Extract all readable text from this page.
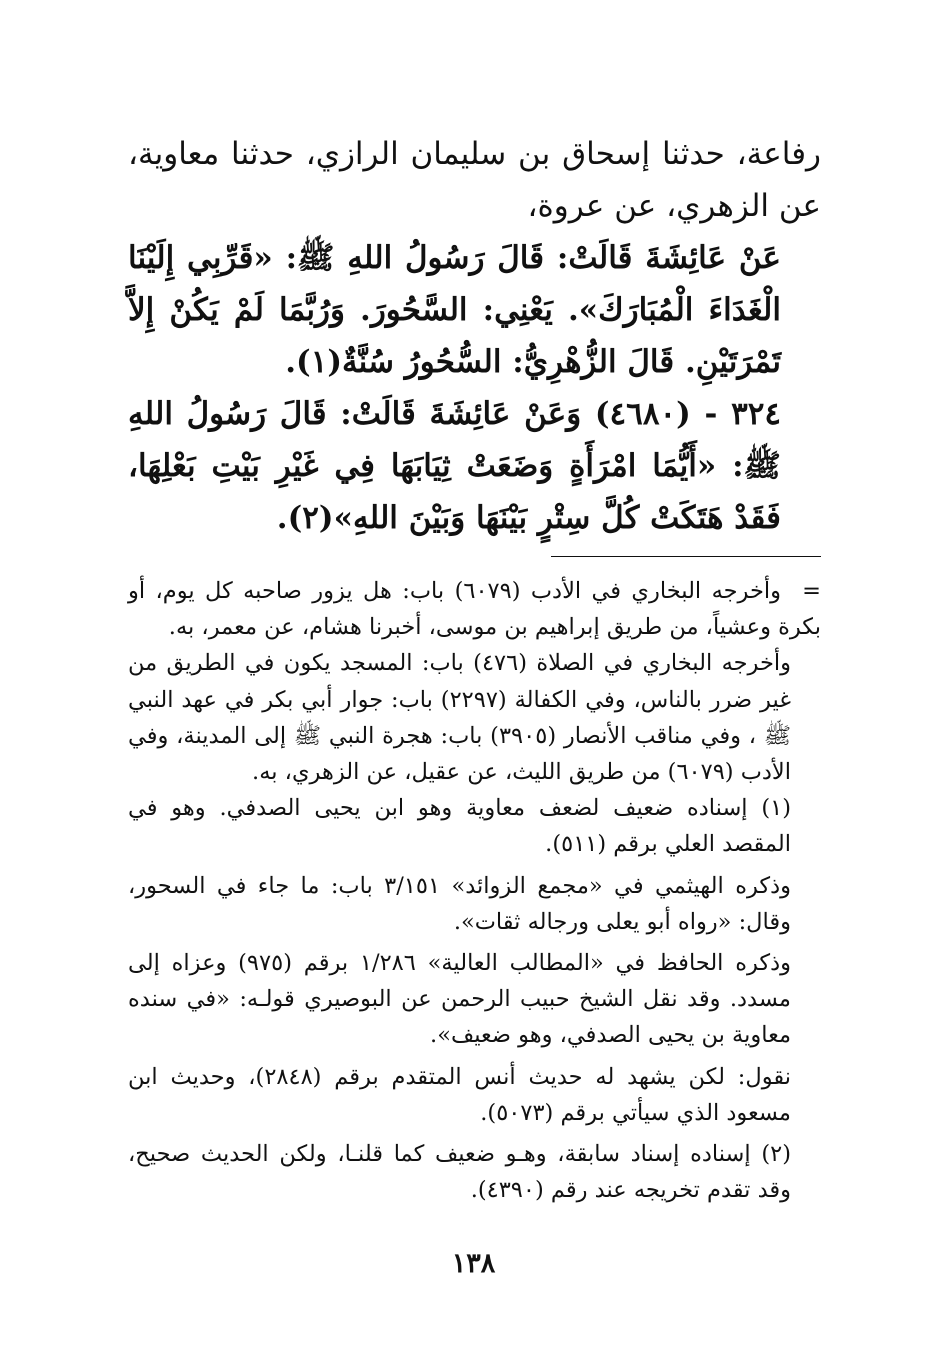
رفاعة، حدثنا إسحاق بن سليمان الرازي، حدثنا معاوية، عن الزهري، عن عروة،

عَنْ عَائِشَةَ قَالَتْ: قَالَ رَسُولُ اللهِ ﷺ: «قَرِّبِي إِلَيْنَا الْغَدَاءَ الْمُبَارَكَ». يَعْنِي: السَّحُورَ. وَرُبَّمَا لَمْ يَكُنْ إِلاَّ تَمْرَتَيْنِ. قَالَ الزُّهْرِيُّ: السُّحُورُ سُنَّةٌ(١).

٣٢٤ - (٤٦٨٠) وَعَنْ عَائِشَةَ قَالَتْ: قَالَ رَسُولُ اللهِ ﷺ: «أَيُّمَا امْرَأَةٍ وَضَعَتْ ثِيَابَهَا فِي غَيْرِ بَيْتِ بَعْلِهَا، فَقَدْ هَتَكَتْ كُلَّ سِتْرٍ بَيْنَهَا وَبَيْنَ اللهِ»(٢).

=وأخرجه البخاري في الأدب (٦٠٧٩) باب: هل يزور صاحبه كل يوم، أو بكرة وعشياً، من طريق إبراهيم بن موسى، أخبرنا هشام، عن معمر، به.

وأخرجه البخاري في الصلاة (٤٧٦) باب: المسجد يكون في الطريق من غير ضرر بالناس، وفي الكفالة (٢٢٩٧) باب: جوار أبي بكر في عهد النبي ﷺ ، وفي مناقب الأنصار (٣٩٠٥) باب: هجرة النبي ﷺ إلى المدينة، وفي الأدب (٦٠٧٩) من طريق الليث، عن عقيل، عن الزهري، به.

(١) إسناده ضعيف لضعف معاوية وهو ابن يحيى الصدفي. وهو في المقصد العلي برقم (٥١١).

وذكره الهيثمي في «مجمع الزوائد» ٣/١٥١ باب: ما جاء في السحور، وقال: «رواه أبو يعلى ورجاله ثقات».

وذكره الحافظ في «المطالب العالية» ١/٢٨٦ برقم (٩٧٥) وعزاه إلى مسدد. وقد نقل الشيخ حبيب الرحمن عن البوصيري قولـه: «في سنده معاوية بن يحيى الصدفي، وهو ضعيف».

نقول: لكن يشهد له حديث أنس المتقدم برقم (٢٨٤٨)، وحديث ابن مسعود الذي سيأتي برقم (٥٠٧٣).

(٢) إسناده إسناد سابقة، وهـو ضعيف كما قلنـا، ولكن الحديث صحيح، وقد تقدم تخريجه عند رقم (٤٣٩٠).

١٣٨
